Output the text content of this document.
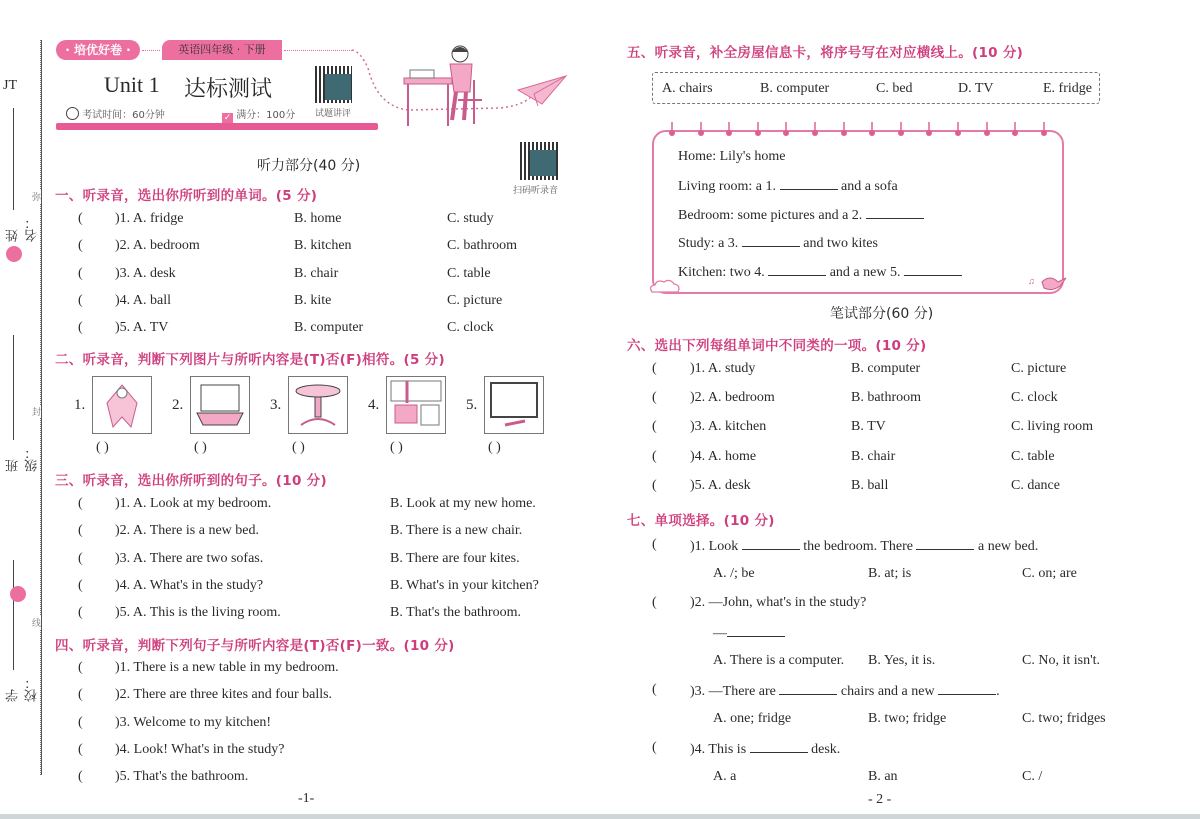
JT
姓名：
班级：
学校：
弥
封
线
· 培优好卷 ·	英语四年级 · 下册
Unit 1 达标测试
考试时间：60分钟	✓ 满分：100分 试题讲评
扫码听录音
听力部分(40 分)
一、听录音，选出你所听到的单词。(5 分)
( )1. A. fridge	B. home	C. study
( )2. A. bedroom	B. kitchen	C. bathroom
( )3. A. desk	B. chair	C. table
( )4. A. ball	B. kite	C. picture
( )5. A. TV	B. computer	C. clock
二、听录音，判断下列图片与所听内容是(T)否(F)相符。(5 分)
1.
( )
2.
( )
3.
( )
4.
( )
5.
( )
三、听录音，选出你所听到的句子。(10 分)
( )1. A. Look at my bedroom.	B. Look at my new home.
( )2. A. There is a new bed.	B. There is a new chair.
( )3. A. There are two sofas.	B. There are four kites.
( )4. A. What's in the study?	B. What's in your kitchen?
( )5. A. This is the living room.	B. That's the bathroom.
四、听录音，判断下列句子与所听内容是(T)否(F)一致。(10 分)
( )1. There is a new table in my bedroom.
( )2. There are three kites and four balls.
( )3. Welcome to my kitchen!
( )4. Look! What's in the study?
( )5. That's the bathroom.
-1-
五、听录音，补全房屋信息卡，将序号写在对应横线上。(10 分)
A. chairs	B. computer	C. bed	D. TV	E. fridge
♫
Home: Lily's home
Living room: a 1.	and a sofa
Bedroom: some pictures and a 2.
Study: a 3.	and two kites
Kitchen: two 4.	and a new 5.
笔试部分(60 分)
六、选出下列每组单词中不同类的一项。(10 分)
( )1. A. study	B. computer	C. picture
( )2. A. bedroom	B. bathroom	C. clock
( )3. A. kitchen	B. TV	C. living room
( )4. A. home	B. chair	C. table
( )5. A. desk	B. ball	C. dance
七、单项选择。(10 分)
( )1. Look	the bedroom. There	a new bed.
A. /; be	B. at; is	C. on; are
( )2. —John, what's in the study?
—
A. There is a computer. B. Yes, it is.	C. No, it isn't.
( )3. —There are	chairs and a new	.
A. one; fridge	B. two; fridge	C. two; fridges
( )4. This is	desk.
A. a	B. an	C. /
- 2 -
